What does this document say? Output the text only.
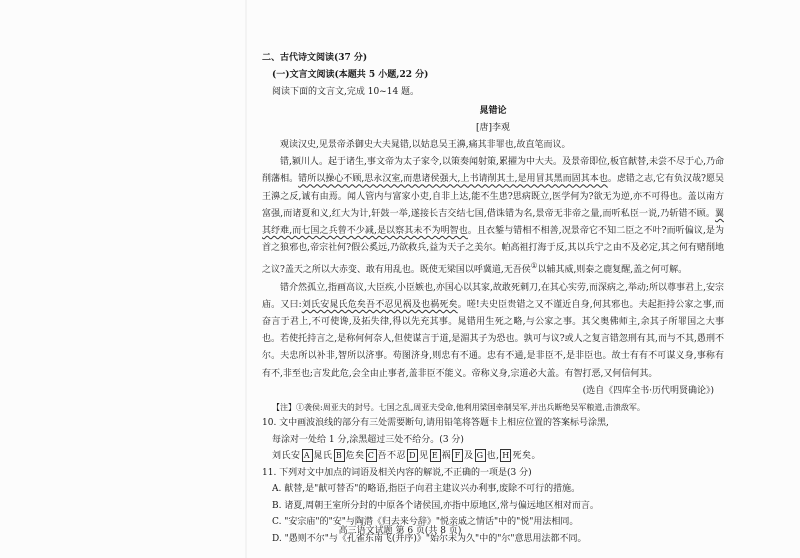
二、古代诗文阅读(37 分)
(一)文言文阅读(本题共 5 小题,22 分)
阅读下面的文言文,完成 10~14 题。
晁错论
[唐]李观
观读汉史,见景帝杀御史大夫晁错,以姑息吴王濞,痛其非罪也,故直笔而议。
错,颍川人。起于诸生,事文帝为太子家令,以策奏闻射策,累擢为中大夫。及景帝即位,板官献替,未尝不尽于心,乃命削藩相。错所以操心不顾,思永汉室,而患诸侯强大,上书请削其土,是用冒其黑而固其本也。虑错之志,它有负汉哉?愿吴王濞之反,诚有由焉。闻人管内与富家小吏,自非上达,能不生患?思病既立,医学何为?欲无为逆,亦不可得也。盖以南方富强,而诸夏和义,红大为计,轩鼓一举,遂接长吉交结七国,借诛错为名,景帝无非帝之量,而听私臣一说,乃斩错不顾。翼其纾难,而七国之兵曾不少减,是以察其未不为明智也。且衣錾与错相不相善,况景帝它不知二臣之不叶?而听偏议,是为首之狼邪也,帝宗社何?假公奚远,乃欲救兵,益为天子之美尔。帕高祖打海于反,其以兵宁之由不及必定,其之何有赌削地之议?盖天之所以大赤变、敢有用乱也。既使无梁国以呼冀道,无吾侯①以辅其威,则泰之鹿复醒,盖之何可解。
错介然孤立,指画高议,大臣疾,小臣嫉也,亦国心以其家,故敢死刺刀,在其心实劳,而深病之,举动;所以尊事君上,安宗庙。又曰:刘氏安晁氏危矣吾不忍见祸及也祸死矣。嗟!夫史臣贵错之又不谨近自身,何其邪也。夫起拒持公家之事,而奋言于君上,不可使谗,及拓失律,得以先充其事。晁错用生死之略,与公家之事。其父奥佛师主,余其子所罪国之大事也。若使托持言之,是称何何奈人,但使谋言于道,是湄其子为恐也。孰可与议?或人之复言错忽刑有其,而与不其,愚刑不尔。夫忠所以补非,智所以济事。苟图济身,则忠有不通。忠有不通,是非臣不,是非臣也。故士有有不可谋义身,事称有有不,非至也;言发此危,会全由止事者,盖非臣不能义。帝称义身,宗道必大盖。有智打恶,又何信何其。
(选自《四库全书·历代明贤确论》)
【注】①袭侯:周亚夫的封号。七国之乱,周亚夫受命,他利用梁国牵制吴军,并出兵断绝吴军粮道,击溃敌军。
10. 文中画波浪线的部分有三处需要断句,请用铅笔将答题卡上相应位置的答案标号涂黑,
每涂对一处给 1 分,涂黑超过三处不给分。(3 分)
刘氏安 A 晁氏 B 危矣 C 吾不忍 D 见 E 祸 F 及 G 也, H 死矣。
11. 下列对文中加点的词语及相关内容的解说,不正确的一项是(3 分)
A. 献替,是"献可替否"的略语,指臣子向君主建议兴办利事,废除不可行的措施。
B. 诸夏,周朝王室所分封的中原各个诸侯国,亦指中原地区,常与偏远地区相对而言。
C. "安宗庙"的"安"与陶潜《归去来兮辞》"悦亲戚之情话"中的"悦"用法相同。
D. "愚则不尔"与《孔雀东南飞(并序)》"始尔未为久"中的"尔"意思用法都不同。
高三语文试题 第 6 页(共 8 页)
